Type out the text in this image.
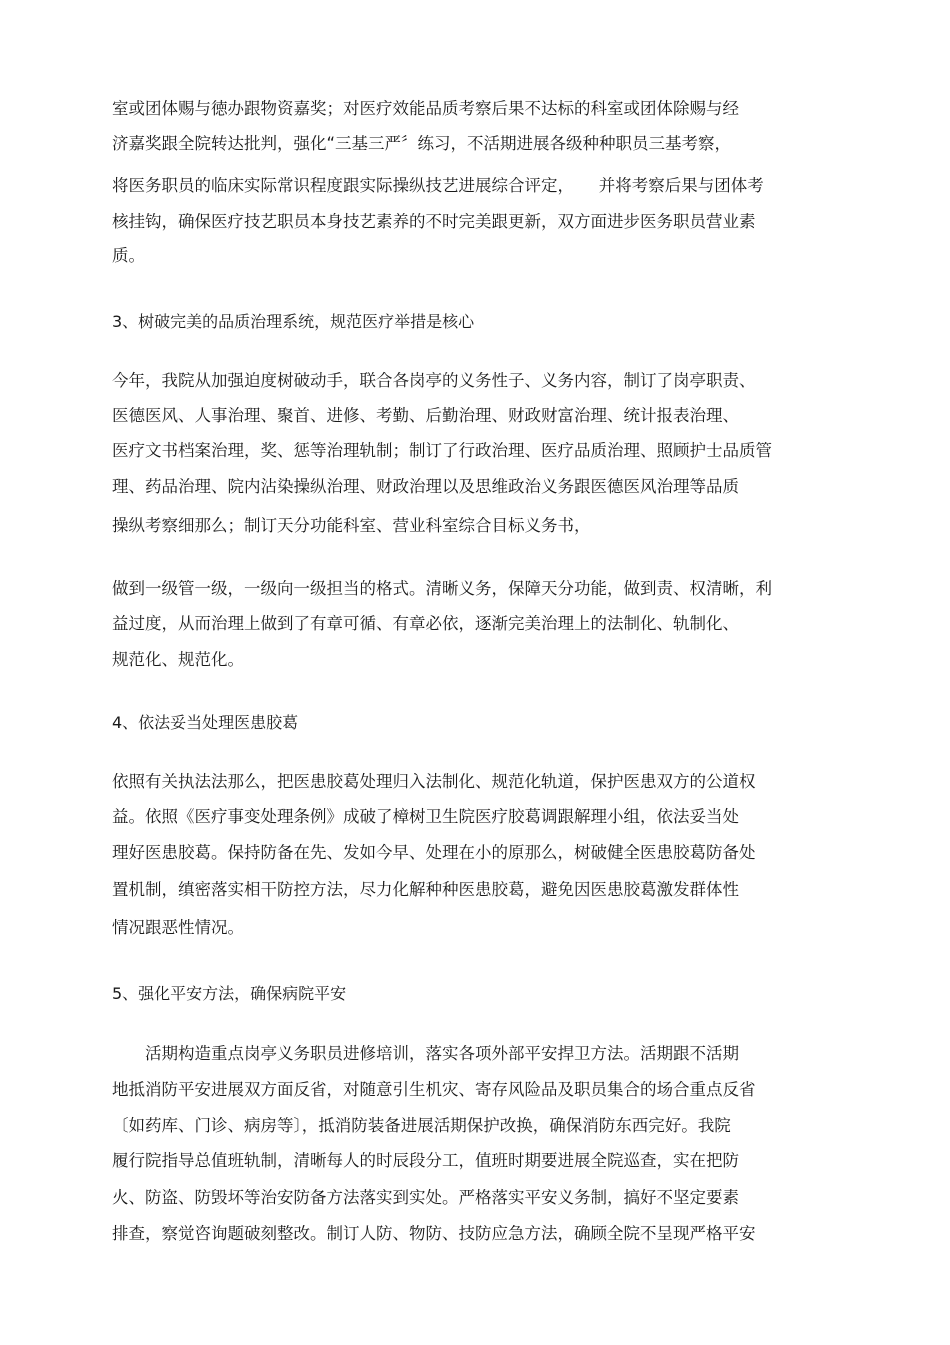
室或团体赐与徳办跟物资嘉奖；对医疗效能品质考察后果不达标的科室或团体除赐与经
济嘉奖跟全院转达批判，强化“三基三严〞练习，不活期进展各级种种职员三基考察，
将医务职员的临床实际常识程度跟实际操纵技艺进展综合评定，　　并将考察后果与团体考
核挂钩，确保医疗技艺职员本身技艺素养的不时完美跟更新，双方面进步医务职员营业素
质。
3、树破完美的品质治理系统，规范医疗举措是核心
今年，我院从加强迫度树破动手，联合各岗亭的义务性子、义务内容，制订了岗亭职责、
医德医风、人事治理、聚首、进修、考勤、后勤治理、财政财富治理、统计报表治理、
医疗文书档案治理，奖、惩等治理轨制；制订了行政治理、医疗品质治理、照顾护士品质管
理、药品治理、院内沾染操纵治理、财政治理以及思维政治义务跟医德医风治理等品质
操纵考察细那么；制订天分功能科室、营业科室综合目标义务书，
做到一级管一级，一级向一级担当的格式。清晰义务，保障天分功能，做到责、权清晰，利
益过度，从而治理上做到了有章可循、有章必依，逐渐完美治理上的法制化、轨制化、
规范化、规范化。
4、依法妥当处理医患胶葛
依照有关执法法那么，把医患胶葛处理归入法制化、规范化轨道，保护医患双方的公道权
益。依照《医疗事变处理条例》成破了樟树卫生院医疗胶葛调跟解理小组，依法妥当处
理好医患胶葛。保持防备在先、发如今早、处理在小的原那么，树破健全医患胶葛防备处
置机制，缜密落实相干防控方法，尽力化解种种医患胶葛，避免因医患胶葛激发群体性
情况跟恶性情况。
5、强化平安方法，确保病院平安
　　活期构造重点岗亭义务职员进修培训，落实各项外部平安捍卫方法。活期跟不活期
地抵消防平安进展双方面反省，对随意引生机灾、寄存风险品及职员集合的场合重点反省
〔如药库、门诊、病房等〕，抵消防装备进展活期保护改换，确保消防东西完好。我院
履行院指导总值班轨制，清晰每人的时辰段分工，值班时期要进展全院巡查，实在把防
火、防盗、防毁坏等治安防备方法落实到实处。严格落实平安义务制，搞好不坚定要素
排查，察觉咨询题破刻整改。制订人防、物防、技防应急方法，确顾全院不呈现严格平安
